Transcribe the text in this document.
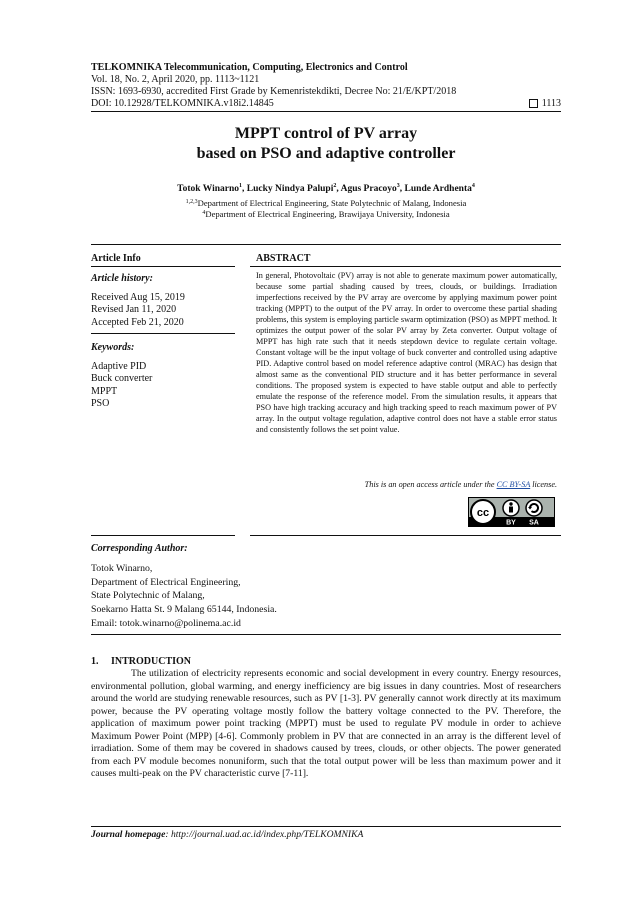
TELKOMNIKA Telecommunication, Computing, Electronics and Control
Vol. 18, No. 2, April 2020, pp. 1113~1121
ISSN: 1693-6930, accredited First Grade by Kemenristekdikti, Decree No: 21/E/KPT/2018
DOI: 10.12928/TELKOMNIKA.v18i2.14845	1113
MPPT control of PV array
based on PSO and adaptive controller
Totok Winarno$^1$, Lucky Nindya Palupi$^2$, Agus Pracoyo$^3$, Lunde Ardhenta$^4$
$^{1,2,3}$Department of Electrical Engineering, State Polytechnic of Malang, Indonesia
$^4$Department of Electrical Engineering, Brawijaya University, Indonesia
Article Info
Article history:
Received Aug 15, 2019
Revised Jan 11, 2020
Accepted Feb 21, 2020
Keywords:
Adaptive PID
Buck converter
MPPT
PSO
ABSTRACT
In general, Photovoltaic (PV) array is not able to generate maximum power automatically, because some partial shading caused by trees, clouds, or buildings. Irradiation imperfections received by the PV array are overcome by applying maximum power point tracking (MPPT) to the output of the PV array. In order to overcome these partial shading problems, this system is employing particle swarm optimization (PSO) as MPPT method. It optimizes the output power of the solar PV array by Zeta converter. Output voltage of MPPT has high rate such that it needs stepdown device to regulate certain voltage. Constant voltage will be the input voltage of buck converter and controlled using adaptive PID. Adaptive control based on model reference adaptive control (MRAC) has design that almost same as the conventional PID structure and it has better performance in several conditions. The proposed system is expected to have stable output and able to perfectly emulate the response of the reference model. From the simulation results, it appears that PSO have high tracking accuracy and high tracking speed to reach maximum power of PV array. In the output voltage regulation, adaptive control does not have a stable error status and consistently follows the set point value.
This is an open access article under the CC BY-SA license.
cc
BY SA
Corresponding Author:
Totok Winarno,
Department of Electrical Engineering,
State Polytechnic of Malang,
Soekarno Hatta St. 9 Malang 65144, Indonesia.
Email: totok.winarno@polinema.ac.id
1.     INTRODUCTION
The utilization of electricity represents economic and social development in every country. Energy resources, environmental pollution, global warming, and energy inefficiency are big issues in dany countries. Most of researchers around the world are studying renewable resources, such as PV [1-3]. PV generally cannot work directly at its maximum power, because the PV operating voltage mostly follow the battery voltage connected to the PV. Therefore, the application of maximum power point tracking (MPPT) must be used to regulate PV module in order to achieve Maximum Power Point (MPP) [4-6]. Commonly problem in PV that are connected in an array is the different level of irradiation. Some of them may be covered in shadows caused by trees, clouds, or other objects. The power generated from each PV module becomes nonuniform, such that the total output power will be less than maximum power and it causes multi-peak on the PV characteristic curve [7-11].
Journal homepage: http://journal.uad.ac.id/index.php/TELKOMNIKA
